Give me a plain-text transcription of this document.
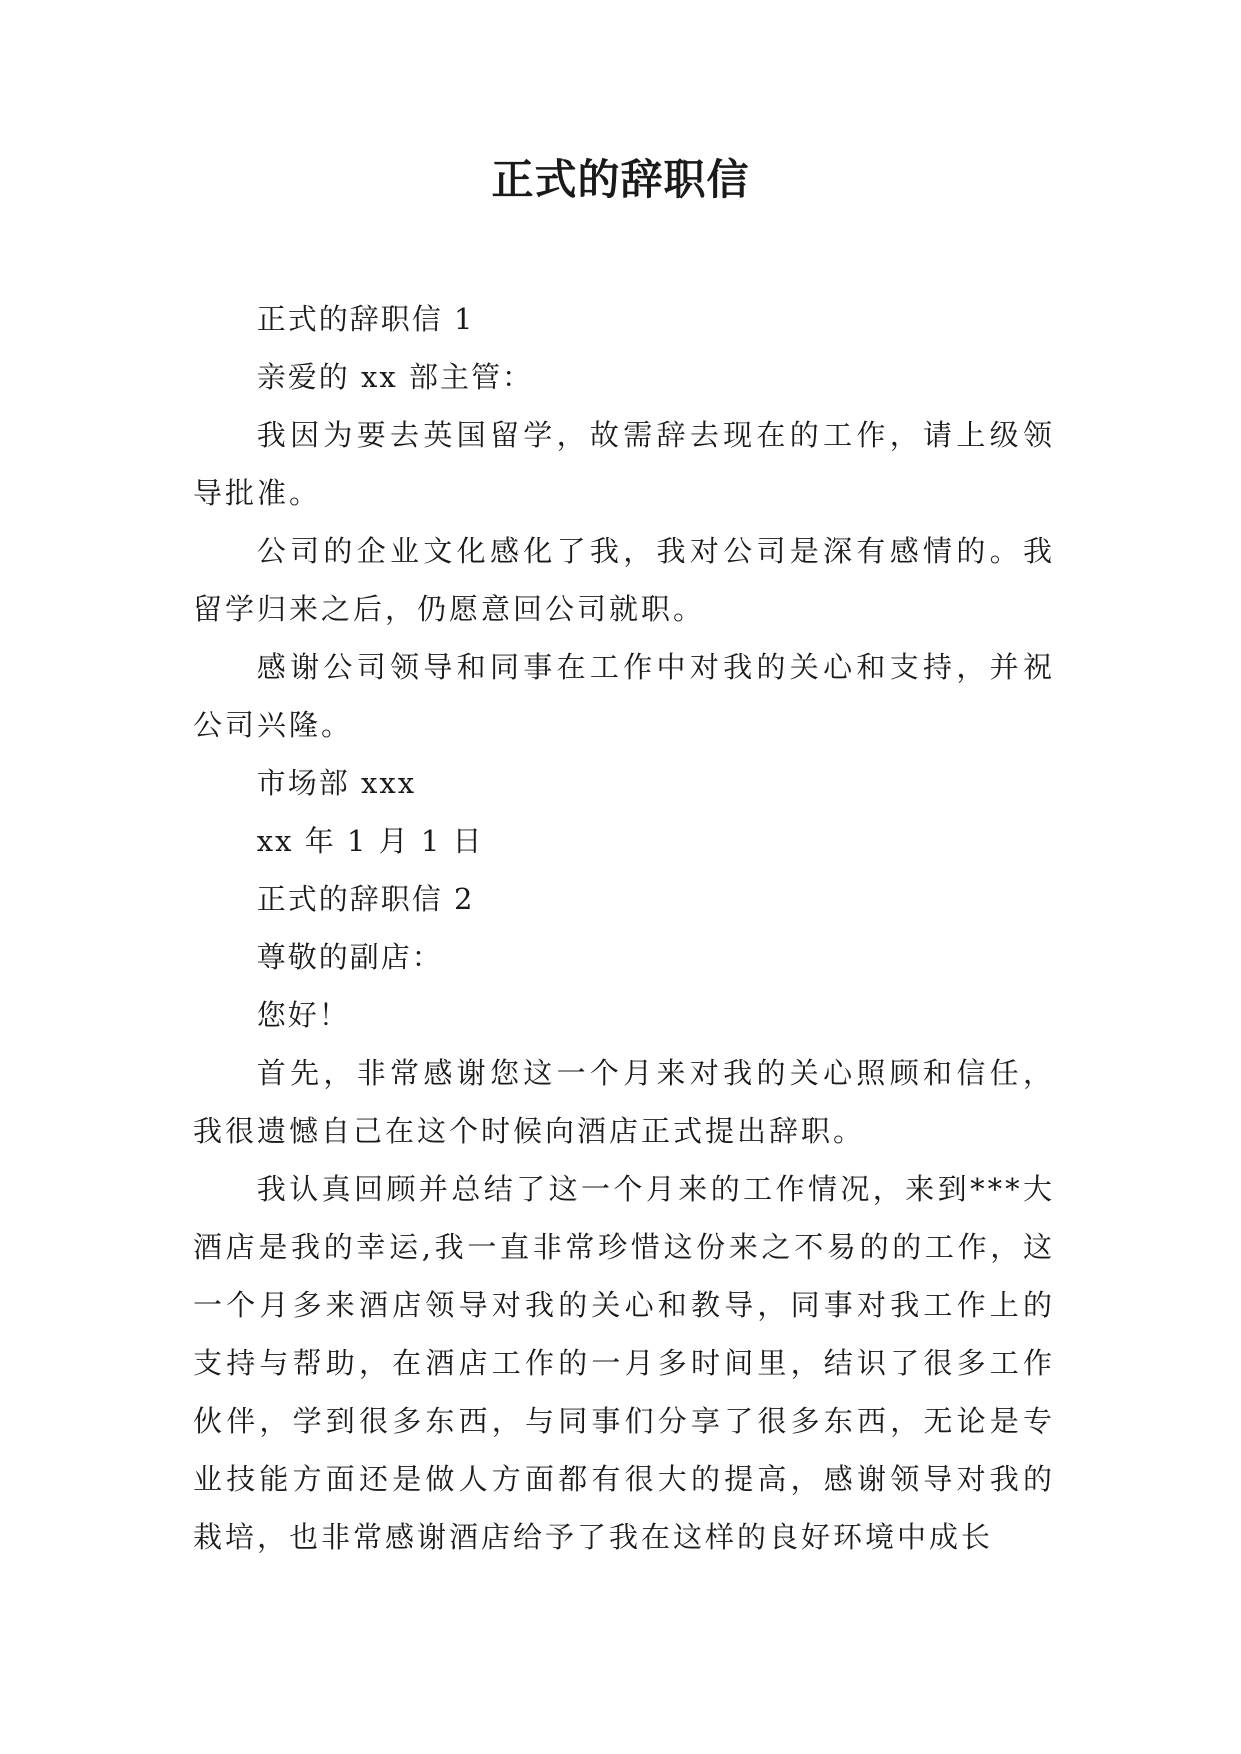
正式的辞职信

正式的辞职信 1

亲爱的 xx 部主管：

我因为要去英国留学，故需辞去现在的工作，请上级领导批准。

公司的企业文化感化了我，我对公司是深有感情的。我留学归来之后，仍愿意回公司就职。

感谢公司领导和同事在工作中对我的关心和支持，并祝公司兴隆。

市场部 xxx

xx 年 1 月 1 日

正式的辞职信 2

尊敬的副店：

您好！

首先，非常感谢您这一个月来对我的关心照顾和信任，我很遗憾自己在这个时候向酒店正式提出辞职。

我认真回顾并总结了这一个月来的工作情况，来到***大酒店是我的幸运,我一直非常珍惜这份来之不易的的工作，这一个月多来酒店领导对我的关心和教导，同事对我工作上的支持与帮助，在酒店工作的一月多时间里，结识了很多工作伙伴，学到很多东西，与同事们分享了很多东西，无论是专业技能方面还是做人方面都有很大的提高，感谢领导对我的栽培，也非常感谢酒店给予了我在这样的良好环境中成长
